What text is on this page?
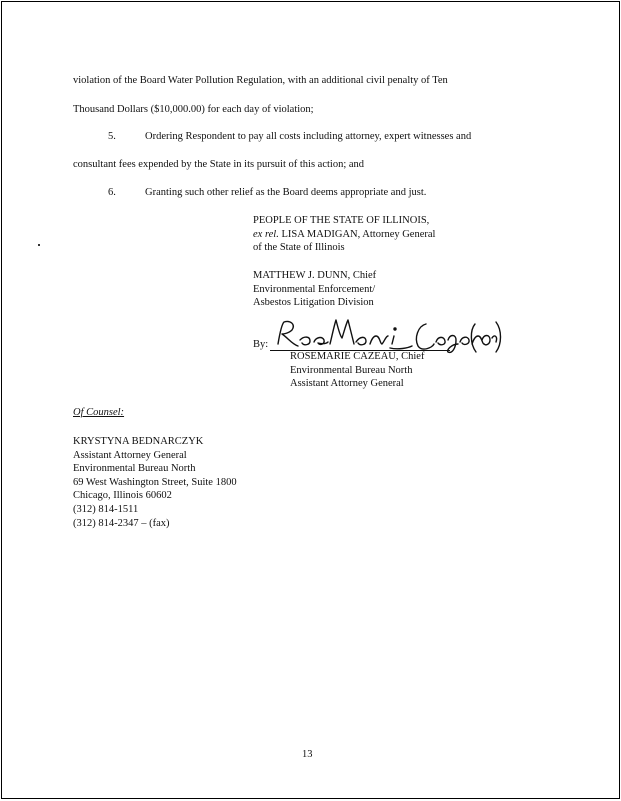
violation of the Board Water Pollution Regulation, with an additional civil penalty of Ten
Thousand Dollars ($10,000.00) for each day of violation;
5.	Ordering Respondent to pay all costs including attorney, expert witnesses and
consultant fees expended by the State in its pursuit of this action; and
6.	Granting such other relief as the Board deems appropriate and just.
PEOPLE OF THE STATE OF ILLINOIS,
ex rel. LISA MADIGAN, Attorney General
of the State of Illinois
MATTHEW J. DUNN, Chief
Environmental Enforcement/
Asbestos Litigation Division
By:
ROSEMARIE CAZEAU, Chief
Environmental Bureau North
Assistant Attorney General
Of Counsel:
KRYSTYNA BEDNARCZYK
Assistant Attorney General
Environmental Bureau North
69 West Washington Street, Suite 1800
Chicago, Illinois 60602
(312) 814-1511
(312) 814-2347 – (fax)
13
